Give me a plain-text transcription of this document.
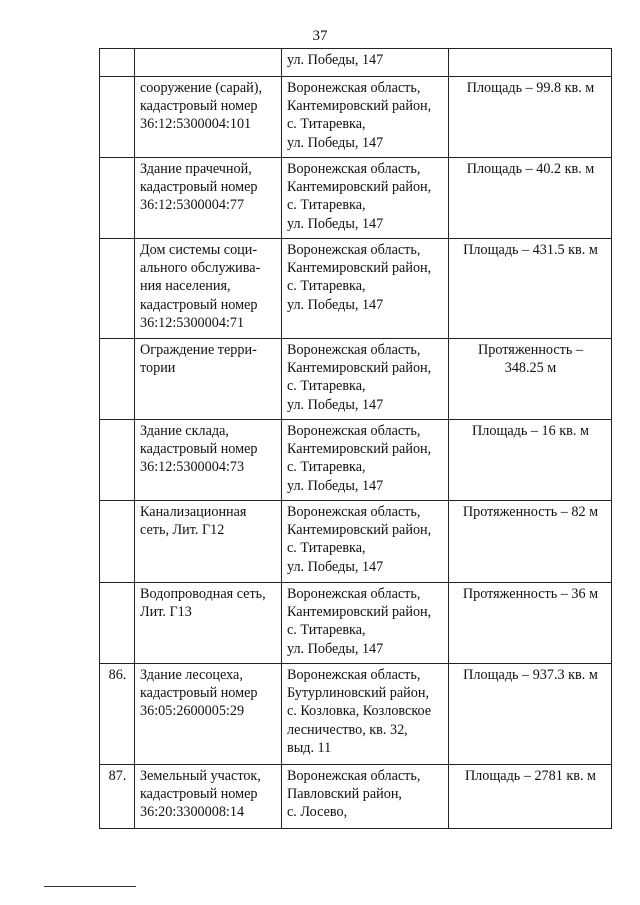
37
		ул. Победы, 147	
	сооружение (сарай),
кадастровый номер
36:12:5300004:101	Воронежская область,
Кантемировский район,
с. Титаревка,
ул. Победы, 147	Площадь – 99.8 кв. м
	Здание прачечной,
кадастровый номер
36:12:5300004:77	Воронежская область,
Кантемировский район,
с. Титаревка,
ул. Победы, 147	Площадь – 40.2 кв. м
	Дом системы соци-
ального обслужива-
ния населения,
кадастровый номер
36:12:5300004:71	Воронежская область,
Кантемировский район,
с. Титаревка,
ул. Победы, 147	Площадь – 431.5 кв. м
	Ограждение терри-
тории	Воронежская область,
Кантемировский район,
с. Титаревка,
ул. Победы, 147	Протяженность –
348.25 м
	Здание склада,
кадастровый номер
36:12:5300004:73	Воронежская область,
Кантемировский район,
с. Титаревка,
ул. Победы, 147	Площадь – 16 кв. м
	Канализационная
сеть, Лит. Г12	Воронежская область,
Кантемировский район,
с. Титаревка,
ул. Победы, 147	Протяженность – 82 м
	Водопроводная сеть,
Лит. Г13	Воронежская область,
Кантемировский район,
с. Титаревка,
ул. Победы, 147	Протяженность – 36 м
86.	Здание лесоцеха,
кадастровый номер
36:05:2600005:29	Воронежская область,
Бутурлиновский район,
с. Козловка, Козловское
лесничество, кв. 32,
выд. 11	Площадь – 937.3 кв. м
87.	Земельный участок,
кадастровый номер
36:20:3300008:14	Воронежская область,
Павловский район,
с. Лосево,	Площадь – 2781 кв. м
